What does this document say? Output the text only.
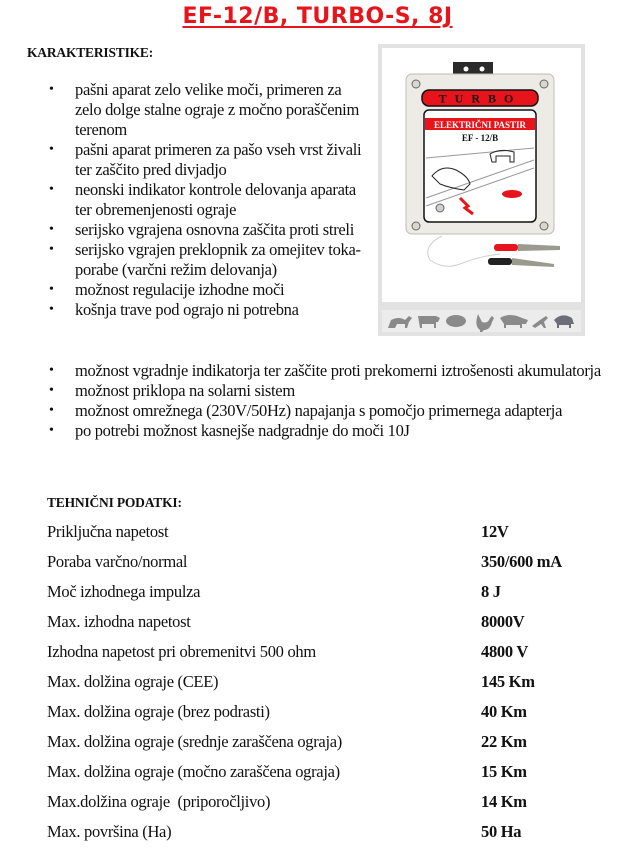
EF-12/B, TURBO-S, 8J
KARAKTERISTIKE:
• pašni aparat zelo velike moči, primeren za zelo dolge stalne ograje z močno poraščenim terenom
• pašni aparat primeren za pašo vseh vrst živali ter zaščito pred divjadjo
• neonski indikator kontrole delovanja aparata ter obremenjenosti ograje
• serijsko vgrajena osnovna zaščita proti streli
• serijsko vgrajen preklopnik za omejitev toka-porabe (varčni režim delovanja)
• možnost regulacije izhodne moči
• košnja trave pod ograjo ni potrebna
TURBO
ELEKTRIČNI PASTIR
EF - 12/B
• možnost vgradnje indikatorja ter zaščite proti prekomerni iztrošenosti akumulatorja
• možnost priklopa na solarni sistem
• možnost omrežnega (230V/50Hz) napajanja s pomočjo primernega adapterja
• po potrebi možnost kasnejše nadgradnje do moči 10J
TEHNIČNI PODATKI:
Priključna napetost	12V
Poraba varčno/normal	350/600 mA
Moč izhodnega impulza	8 J
Max. izhodna napetost	8000V
Izhodna napetost pri obremenitvi 500 ohm	4800 V
Max. dolžina ograje (CEE)	145 Km
Max. dolžina ograje (brez podrasti)	40 Km
Max. dolžina ograje (srednje zaraščena ograja)	22 Km
Max. dolžina ograje (močno zaraščena ograja)	15 Km
Max.dolžina ograje  (priporočljivo)	14 Km
Max. površina (Ha)	50 Ha
